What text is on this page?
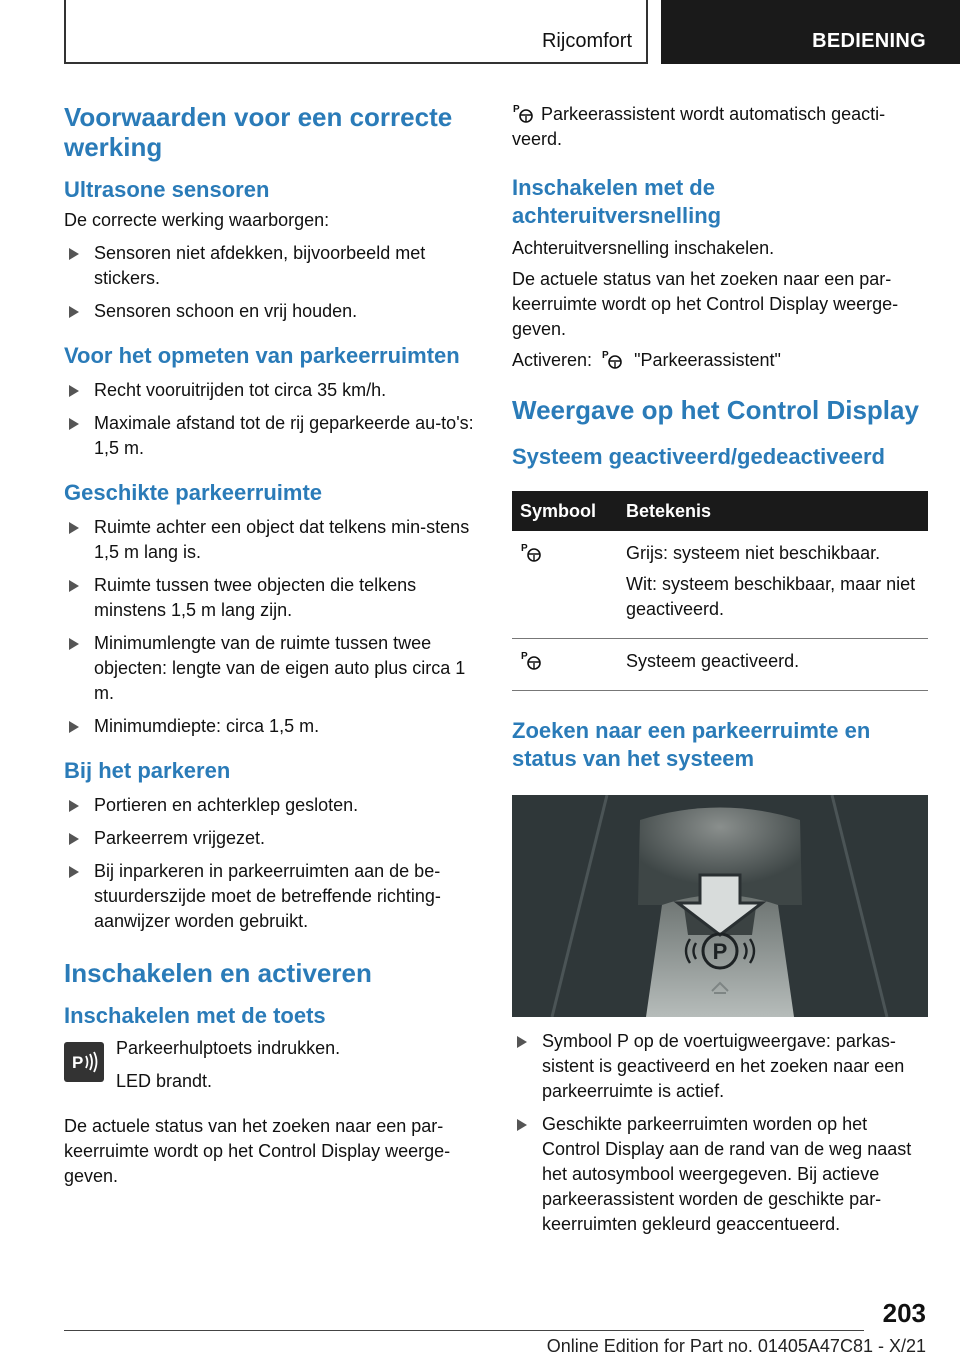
Rijcomfort	BEDIENING
Voorwaarden voor een correcte werking
Ultrasone sensoren

De correcte werking waarborgen:

Sensoren niet afdekken, bijvoorbeeld met stickers.
Sensoren schoon en vrij houden.
Voor het opmeten van parkeerruimten
Recht vooruitrijden tot circa 35 km/h.
Maximale afstand tot de rij geparkeerde au-to's: 1,5 m.
Geschikte parkeerruimte
Ruimte achter een object dat telkens min-stens 1,5 m lang is.
Ruimte tussen twee objecten die telkens minstens 1,5 m lang zijn.
Minimumlengte van de ruimte tussen twee objecten: lengte van de eigen auto plus circa 1 m.
Minimumdiepte: circa 1,5 m.
Bij het parkeren
Portieren en achterklep gesloten.
Parkeerrem vrijgezet.
Bij inparkeren in parkeerruimten aan de be-stuurderszijde moet de betreffende richting-aanwijzer worden gebruikt.
Inschakelen en activeren
Inschakelen met de toets
P

Parkeerhulptoets indrukken.

LED brandt.

De actuele status van het zoeken naar een par-keerruimte wordt op het Control Display weerge-geven.

P Parkeerassistent wordt automatisch geacti-veerd.

Inschakelen met de achteruitversnelling

Achteruitversnelling inschakelen.

De actuele status van het zoeken naar een par-keerruimte wordt op het Control Display weerge-geven.

Activeren: P "Parkeerassistent"

Weergave op het Control Display
Systeem geactiveerd/gedeactiveerd
Symbool	Betekenis

P	Grijs: systeem niet beschikbaar.

Wit: systeem beschikbaar, maar niet geactiveerd.

P	Systeem geactiveerd.

Zoeken naar een parkeerruimte en status van het systeem
P
Symbool P op de voertuigweergave: parkas-sistent is geactiveerd en het zoeken naar een parkeerruimte is actief.
Geschikte parkeerruimten worden op het Control Display aan de rand van de weg naast het autosymbool weergegeven. Bij actieve parkeerassistent worden de geschikte par-keerruimten gekleurd geaccentueerd.
203
Online Edition for Part no. 01405A47C81 - X/21
